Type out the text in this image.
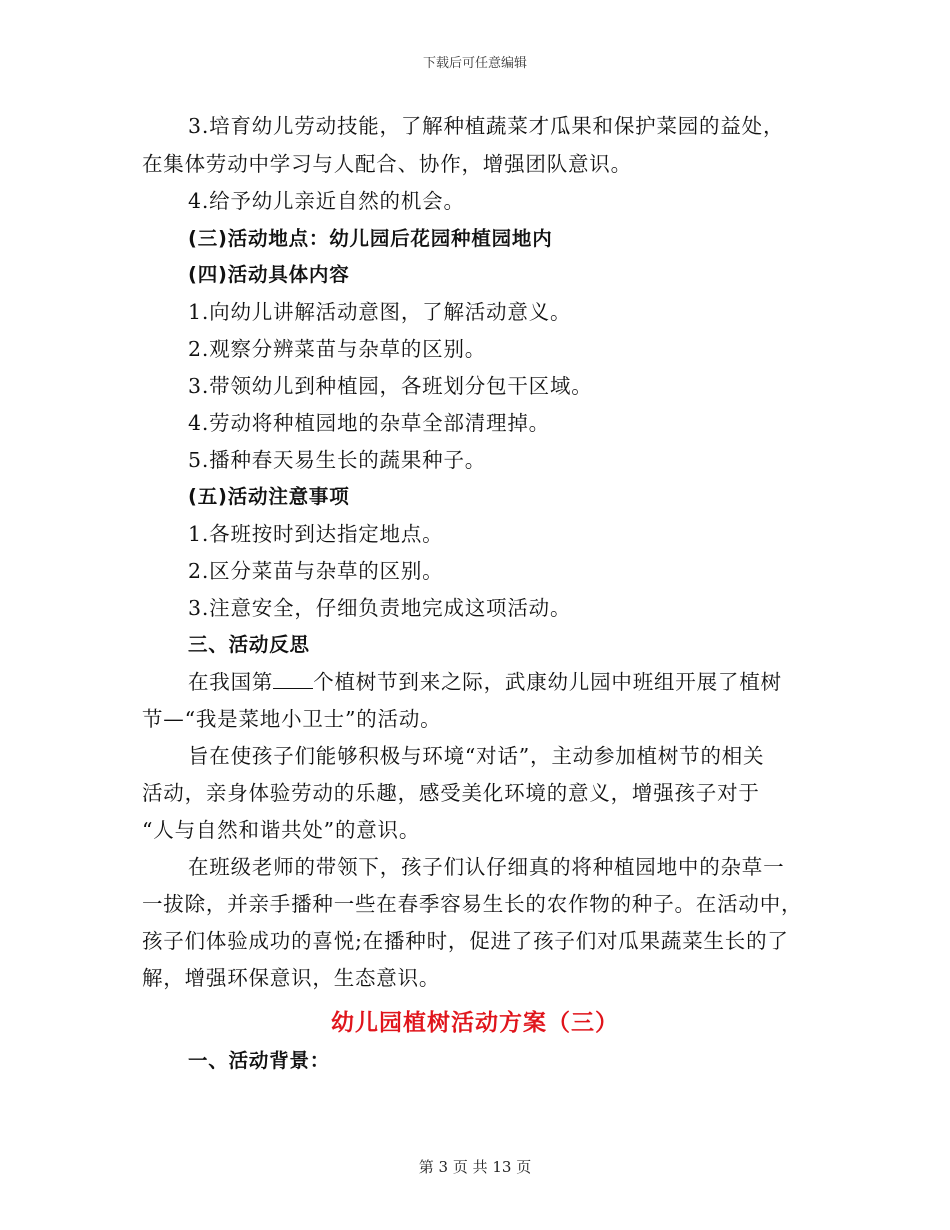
下载后可任意编辑
3.培育幼儿劳动技能，了解种植蔬菜才瓜果和保护菜园的益处，
在集体劳动中学习与人配合、协作，增强团队意识。
4.给予幼儿亲近自然的机会。
(三)活动地点：幼儿园后花园种植园地内
(四)活动具体内容
1.向幼儿讲解活动意图，了解活动意义。
2.观察分辨菜苗与杂草的区别。
3.带领幼儿到种植园，各班划分包干区域。
4.劳动将种植园地的杂草全部清理掉。
5.播种春天易生长的蔬果种子。
(五)活动注意事项
1.各班按时到达指定地点。
2.区分菜苗与杂草的区别。
3.注意安全，仔细负责地完成这项活动。
三、活动反思
在我国第 个植树节到来之际，武康幼儿园中班组开展了植树
节—“我是菜地小卫士”的活动。
旨在使孩子们能够积极与环境“对话”，主动参加植树节的相关
活动，亲身体验劳动的乐趣，感受美化环境的意义，增强孩子对于
“人与自然和谐共处”的意识。
在班级老师的带领下，孩子们认仔细真的将种植园地中的杂草一
一拔除，并亲手播种一些在春季容易生长的农作物的种子。在活动中，
孩子们体验成功的喜悦;在播种时，促进了孩子们对瓜果蔬菜生长的了
解，增强环保意识，生态意识。
幼儿园植树活动方案（三）
一、活动背景：
第 3 页 共 13 页
